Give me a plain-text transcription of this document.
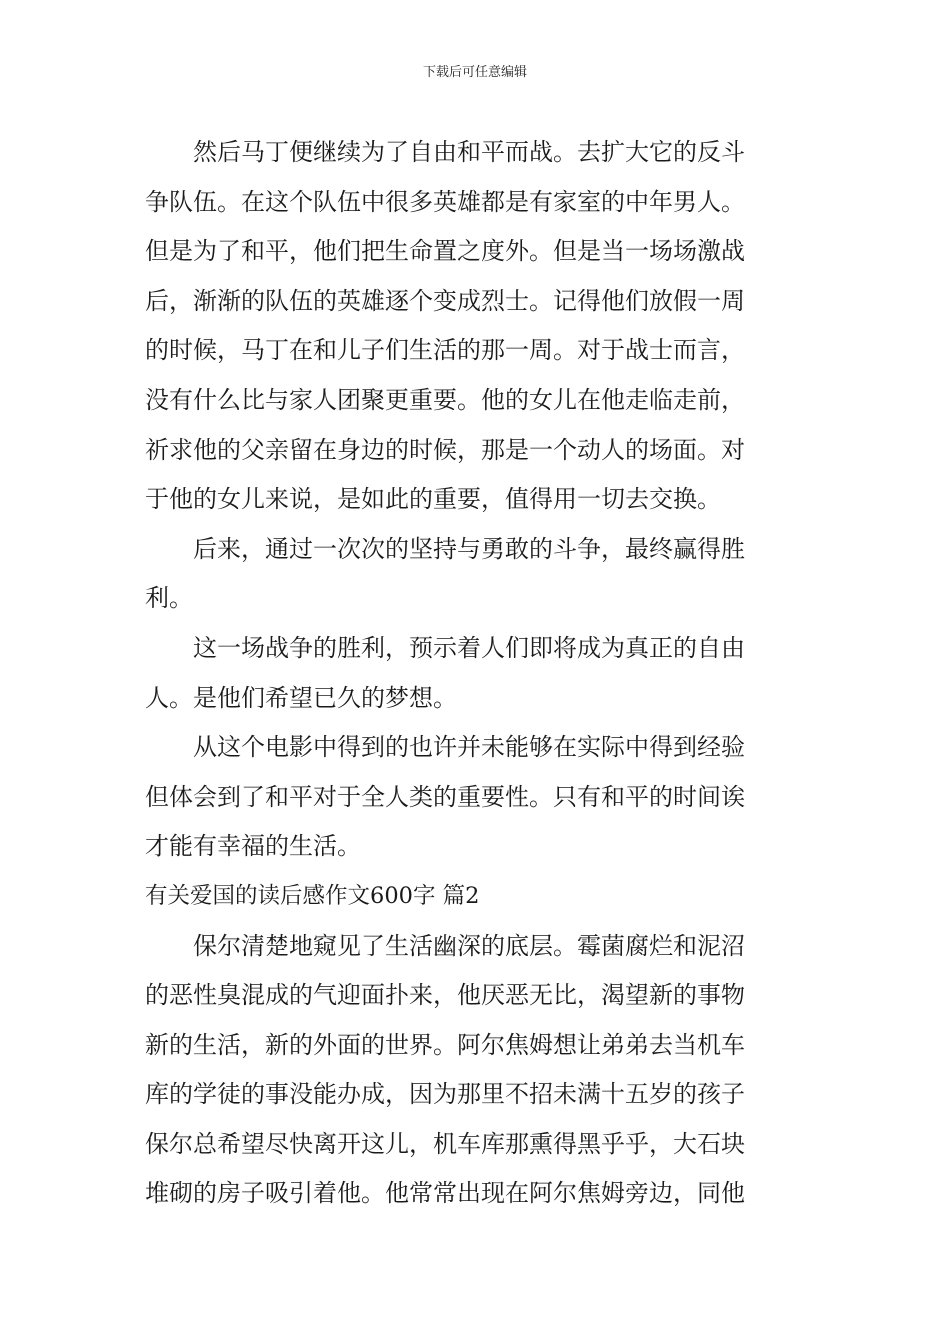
下载后可任意编辑
然后马丁便继续为了自由和平而战。去扩大它的反斗
争队伍。在这个队伍中很多英雄都是有家室的中年男人。
但是为了和平，他们把生命置之度外。但是当一场场激战
后，渐渐的队伍的英雄逐个变成烈士。记得他们放假一周
的时候，马丁在和儿子们生活的那一周。对于战士而言，
没有什么比与家人团聚更重要。他的女儿在他走临走前，
祈求他的父亲留在身边的时候，那是一个动人的场面。对
于他的女儿来说，是如此的重要，值得用一切去交换。
后来，通过一次次的坚持与勇敢的斗争，最终赢得胜
利。
这一场战争的胜利，预示着人们即将成为真正的自由
人。是他们希望已久的梦想。
从这个电影中得到的也许并未能够在实际中得到经验
但体会到了和平对于全人类的重要性。只有和平的时间诶
才能有幸福的生活。
有关爱国的读后感作文600字 篇2
保尔清楚地窥见了生活幽深的底层。霉菌腐烂和泥沼
的恶性臭混成的气迎面扑来，他厌恶无比，渴望新的事物
新的生活，新的外面的世界。阿尔焦姆想让弟弟去当机车
库的学徒的事没能办成，因为那里不招未满十五岁的孩子
保尔总希望尽快离开这儿，机车库那熏得黑乎乎，大石块
堆砌的房子吸引着他。他常常出现在阿尔焦姆旁边，同他
